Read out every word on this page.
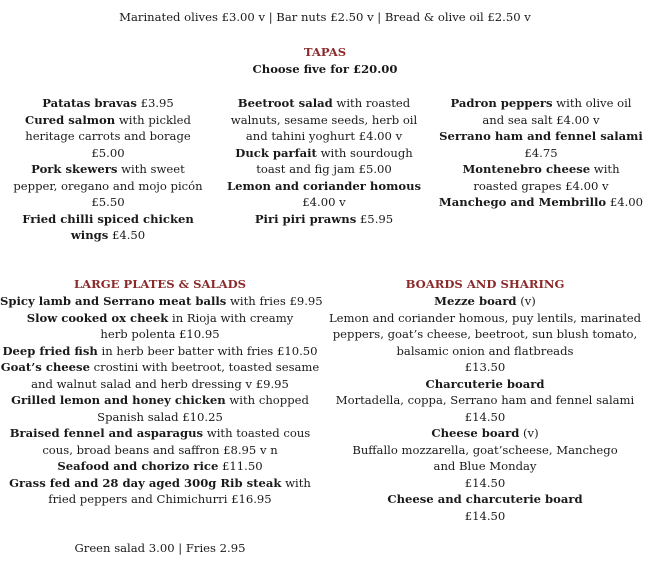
Marinated olives £3.00 v | Bar nuts £2.50 v | Bread & olive oil £2.50 v
TAPAS
Choose five for £20.00
Patatas bravas £3.95
Cured salmon with pickled
heritage carrots and borage
£5.00
Pork skewers with sweet
pepper, oregano and mojo picón
£5.50
Fried chilli spiced chicken
wings £4.50
Beetroot salad with roasted
walnuts, sesame seeds, herb oil
and tahini yoghurt £4.00 v
Duck parfait with sourdough
toast and fig jam £5.00
Lemon and coriander homous
£4.00 v
Piri piri prawns £5.95
Padron peppers with olive oil
and sea salt £4.00 v
Serrano ham and fennel salami
£4.75
Montenebro cheese with
roasted grapes £4.00 v
Manchego and Membrillo £4.00
LARGE PLATES & SALADS
Spicy lamb and Serrano meat balls with fries £9.95
Slow cooked ox cheek in Rioja with creamy
herb polenta £10.95
Deep fried fish in herb beer batter with fries £10.50
Goat’s cheese crostini with beetroot, toasted sesame
and walnut salad and herb dressing v £9.95
Grilled lemon and honey chicken with chopped
Spanish salad £10.25
Braised fennel and asparagus with toasted cous
cous, broad beans and saffron £8.95 v n
Seafood and chorizo rice £11.50
Grass fed and 28 day aged 300g Rib steak with
fried peppers and Chimichurri £16.95
BOARDS AND SHARING
Mezze board (v)
Lemon and coriander homous, puy lentils, marinated
peppers, goat’s cheese, beetroot, sun blush tomato,
balsamic onion and flatbreads
£13.50
Charcuterie board
Mortadella, coppa, Serrano ham and fennel salami
£14.50
Cheese board (v)
Buffallo mozzarella, goat’scheese, Manchego
and Blue Monday
£14.50
Cheese and charcuterie board
£14.50
Green salad 3.00 | Fries 2.95
